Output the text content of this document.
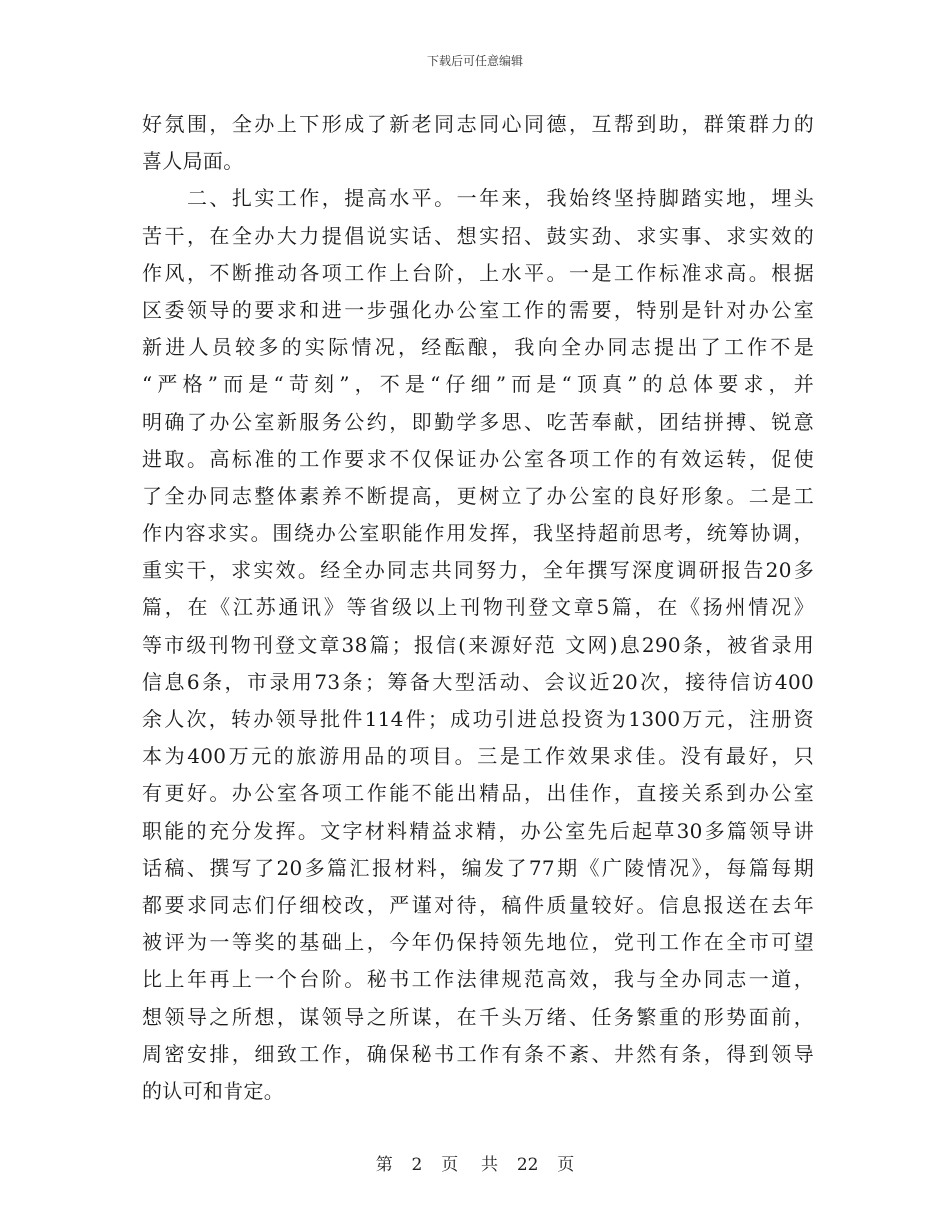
下载后可任意编辑
好氛围，全办上下形成了新老同志同心同德，互帮到助，群策群力的
喜人局面。
　　二、扎实工作，提高水平。一年来，我始终坚持脚踏实地，埋头
苦干，在全办大力提倡说实话、想实招、鼓实劲、求实事、求实效的
作风，不断推动各项工作上台阶，上水平。一是工作标准求高。根据
区委领导的要求和进一步强化办公室工作的需要，特别是针对办公室
新进人员较多的实际情况，经酝酿，我向全办同志提出了工作不是
“严格”而是“苛刻”，不是“仔细”而是“顶真”的总体要求，并
明确了办公室新服务公约，即勤学多思、吃苦奉献，团结拼搏、锐意
进取。高标准的工作要求不仅保证办公室各项工作的有效运转，促使
了全办同志整体素养不断提高，更树立了办公室的良好形象。二是工
作内容求实。围绕办公室职能作用发挥，我坚持超前思考，统筹协调，
重实干，求实效。经全办同志共同努力，全年撰写深度调研报告20多
篇，在《江苏通讯》等省级以上刊物刊登文章5篇，在《扬州情况》
等市级刊物刊登文章38篇；报信(来源好范 文网)息290条，被省录用
信息6条，市录用73条；筹备大型活动、会议近20次，接待信访400
余人次，转办领导批件114件；成功引进总投资为1300万元，注册资
本为400万元的旅游用品的项目。三是工作效果求佳。没有最好，只
有更好。办公室各项工作能不能出精品，出佳作，直接关系到办公室
职能的充分发挥。文字材料精益求精，办公室先后起草30多篇领导讲
话稿、撰写了20多篇汇报材料，编发了77期《广陵情况》，每篇每期
都要求同志们仔细校改，严谨对待，稿件质量较好。信息报送在去年
被评为一等奖的基础上，今年仍保持领先地位，党刊工作在全市可望
比上年再上一个台阶。秘书工作法律规范高效，我与全办同志一道，
想领导之所想，谋领导之所谋，在千头万绪、任务繁重的形势面前，
周密安排，细致工作，确保秘书工作有条不紊、井然有条，得到领导
的认可和肯定。
第 2 页 共 22 页
